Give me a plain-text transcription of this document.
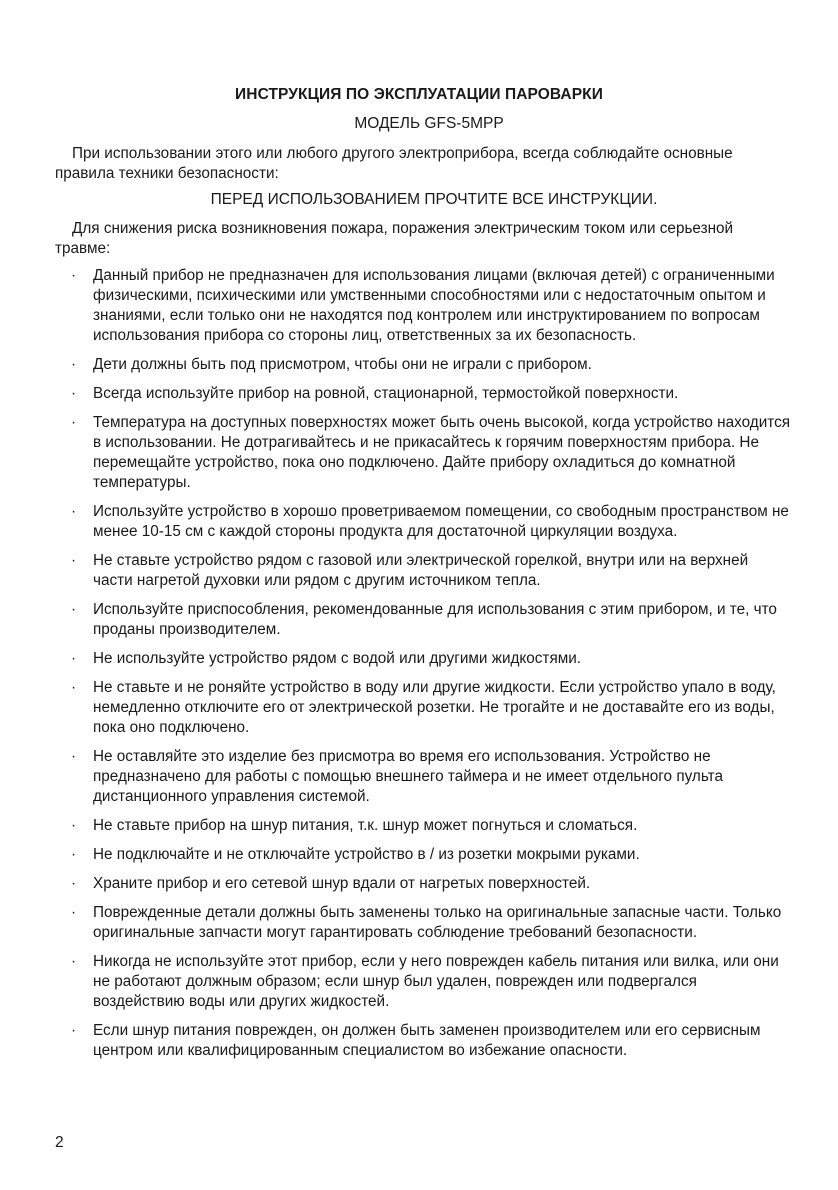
ИНСТРУКЦИЯ ПО ЭКСПЛУАТАЦИИ ПАРОВАРКИ
МОДЕЛЬ GFS-5MPP
При использовании этого или любого другого электроприбора, всегда соблюдайте основные правила техники безопасности:
ПЕРЕД ИСПОЛЬЗОВАНИЕМ ПРОЧТИТЕ ВСЕ ИНСТРУКЦИИ.
Для снижения риска возникновения пожара, поражения электрическим током или серьезной травме:
· Данный прибор не предназначен для использования лицами (включая детей) с ограниченными физическими, психическими или умственными способностями или с недостаточным опытом и знаниями, если только они не находятся под контролем или инструктированием по вопросам использования прибора со стороны лиц, ответственных за их безопасность.
· Дети должны быть под присмотром, чтобы они не играли с прибором.
· Всегда используйте прибор на ровной, стационарной, термостойкой поверхности.
· Температура на доступных поверхностях может быть очень высокой, когда устройство находится в использовании. Не дотрагивайтесь и не прикасайтесь к горячим поверхностям прибора. Не перемещайте устройство, пока оно подключено. Дайте прибору охладиться до комнатной температуры.
· Используйте устройство в хорошо проветриваемом помещении, со свободным пространством не менее 10-15 см с каждой стороны продукта для достаточной циркуляции воздуха.
· Не ставьте устройство рядом с газовой или электрической горелкой, внутри или на верхней части нагретой духовки или рядом с другим источником тепла.
· Используйте приспособления, рекомендованные для использования с этим прибором, и те, что проданы производителем.
· Не используйте устройство рядом с водой или другими жидкостями.
· Не ставьте и не роняйте устройство в воду или другие жидкости. Если устройство упало в воду, немедленно отключите его от электрической розетки. Не трогайте и не доставайте его из воды, пока оно подключено.
· Не оставляйте это изделие без присмотра во время его использования. Устройство не предназначено для работы с помощью внешнего таймера и не имеет отдельного пульта дистанционного управления системой.
· Не ставьте прибор на шнур питания, т.к. шнур может погнуться и сломаться.
· Не подключайте и не отключайте устройство в / из розетки мокрыми руками.
· Храните прибор и его сетевой шнур вдали от нагретых поверхностей.
· Поврежденные детали должны быть заменены только на оригинальные запасные части. Только оригинальные запчасти могут гарантировать соблюдение требований безопасности.
· Никогда не используйте этот прибор, если у него поврежден кабель питания или вилка, или они не работают должным образом; если шнур был удален, поврежден или подвергался воздействию воды или других жидкостей.
· Если шнур питания поврежден, он должен быть заменен производителем или его сервисным центром или квалифицированным специалистом во избежание опасности.
2
